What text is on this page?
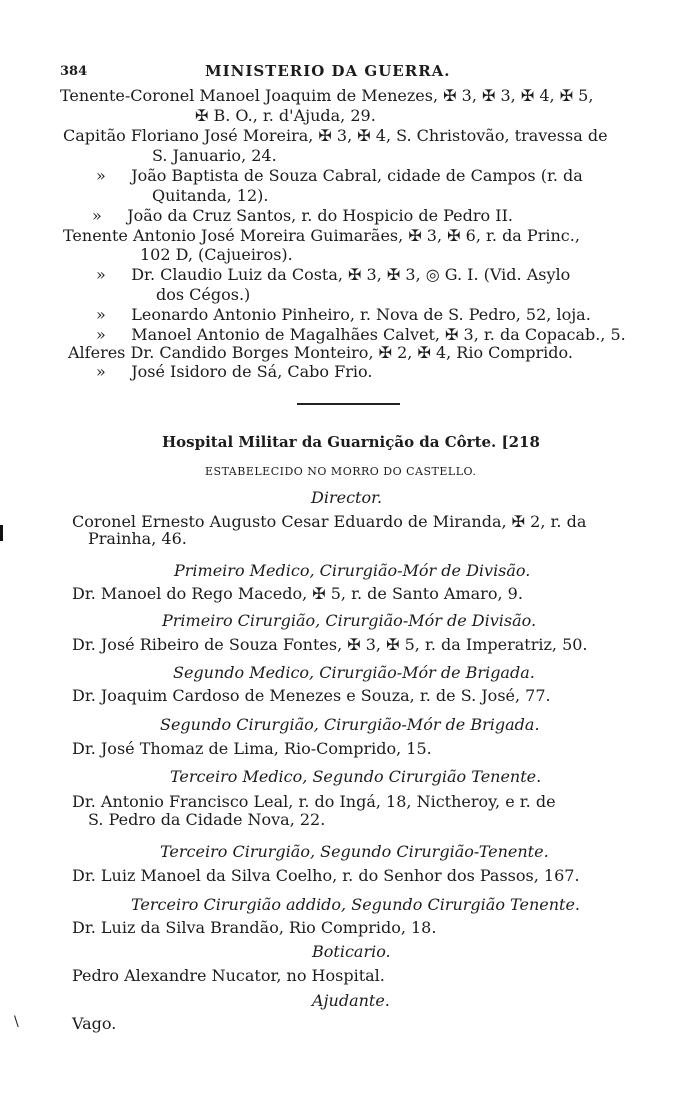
384	MINISTERIO DA GUERRA.
Tenente-Coronel Manoel Joaquim de Menezes, ✠ 3, ✠ 3, ✠ 4, ✠ 5,
✠ B. O., r. d'Ajuda, 29.
Capitão Floriano José Moreira, ✠ 3, ✠ 4, S. Christovão, travessa de
S. Januario, 24.
»     João Baptista de Souza Cabral, cidade de Campos (r. da
Quitanda, 12).
»     João da Cruz Santos, r. do Hospicio de Pedro II.
Tenente Antonio José Moreira Guimarães, ✠ 3, ✠ 6, r. da Princ.,
102 D, (Cajueiros).
»     Dr. Claudio Luiz da Costa, ✠ 3, ✠ 3, ◎ G. I. (Vid. Asylo
dos Cégos.)
»     Leonardo Antonio Pinheiro, r. Nova de S. Pedro, 52, loja.
»     Manoel Antonio de Magalhães Calvet, ✠ 3, r. da Copacab., 5.
Alferes Dr. Candido Borges Monteiro, ✠ 2, ✠ 4, Rio Comprido.
»     José Isidoro de Sá, Cabo Frio.
Hospital Militar da Guarnição da Côrte. [218
ESTABELECIDO NO MORRO DO CASTELLO.
Director.
Coronel Ernesto Augusto Cesar Eduardo de Miranda, ✠ 2, r. da
Prainha, 46.
Primeiro Medico, Cirurgião-Mór de Divisão.
Dr. Manoel do Rego Macedo, ✠ 5, r. de Santo Amaro, 9.
Primeiro Cirurgião, Cirurgião-Mór de Divisão.
Dr. José Ribeiro de Souza Fontes, ✠ 3, ✠ 5, r. da Imperatriz, 50.
Segundo Medico, Cirurgião-Mór de Brigada.
Dr. Joaquim Cardoso de Menezes e Souza, r. de S. José, 77.
Segundo Cirurgião, Cirurgião-Mór de Brigada.
Dr. José Thomaz de Lima, Rio-Comprido, 15.
Terceiro Medico, Segundo Cirurgião Tenente.
Dr. Antonio Francisco Leal, r. do Ingá, 18, Nictheroy, e r. de
S. Pedro da Cidade Nova, 22.
Terceiro Cirurgião, Segundo Cirurgião-Tenente.
Dr. Luiz Manoel da Silva Coelho, r. do Senhor dos Passos, 167.
Terceiro Cirurgião addido, Segundo Cirurgião Tenente.
Dr. Luiz da Silva Brandão, Rio Comprido, 18.
Boticario.
Pedro Alexandre Nucator, no Hospital.
Ajudante.
Vago.
\
